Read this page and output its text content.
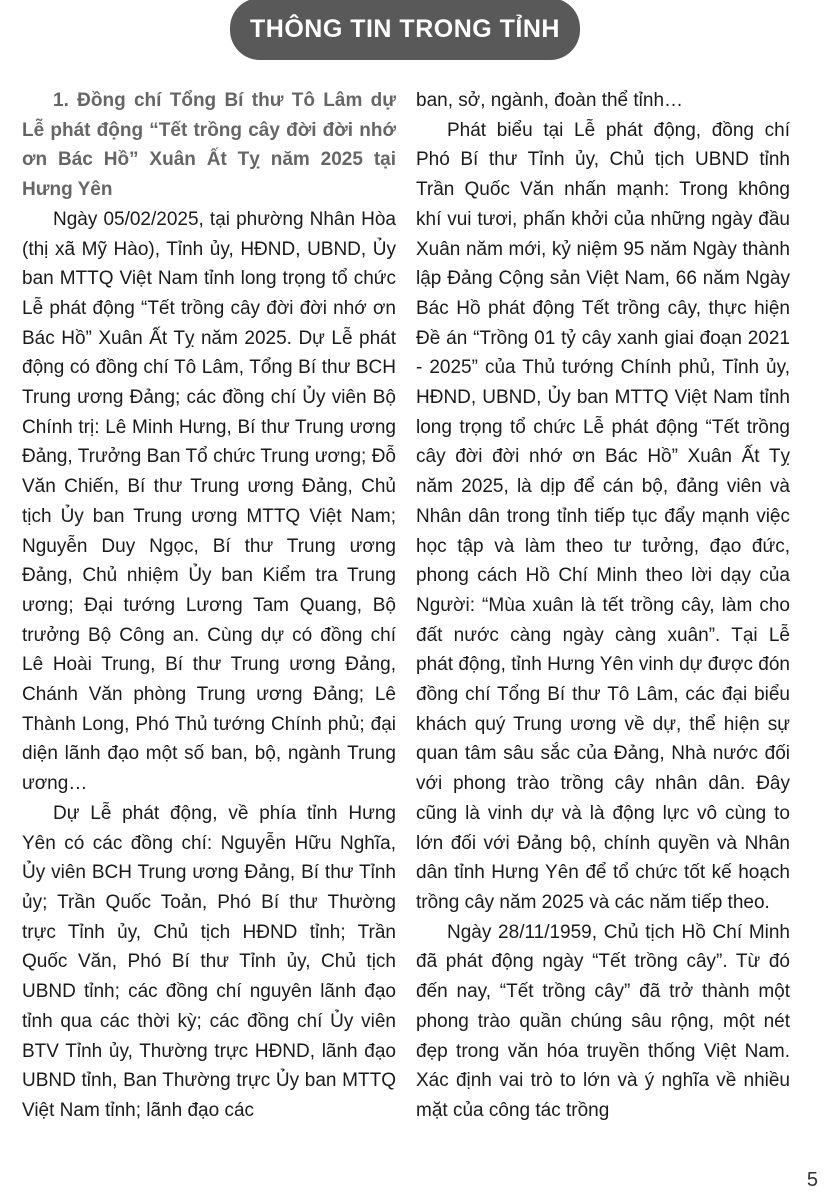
THÔNG TIN TRONG TỈNH

1. Đồng chí Tổng Bí thư Tô Lâm dự Lễ phát động “Tết trồng cây đời đời nhớ ơn Bác Hồ” Xuân Ất Tỵ năm 2025 tại Hưng Yên

Ngày 05/02/2025, tại phường Nhân Hòa (thị xã Mỹ Hào), Tỉnh ủy, HĐND, UBND, Ủy ban MTTQ Việt Nam tỉnh long trọng tổ chức Lễ phát động “Tết trồng cây đời đời nhớ ơn Bác Hồ” Xuân Ất Tỵ năm 2025. Dự Lễ phát động có đồng chí Tô Lâm, Tổng Bí thư BCH Trung ương Đảng; các đồng chí Ủy viên Bộ Chính trị: Lê Minh Hưng, Bí thư Trung ương Đảng, Trưởng Ban Tổ chức Trung ương; Đỗ Văn Chiến, Bí thư Trung ương Đảng, Chủ tịch Ủy ban Trung ương MTTQ Việt Nam; Nguyễn Duy Ngọc, Bí thư Trung ương Đảng, Chủ nhiệm Ủy ban Kiểm tra Trung ương; Đại tướng Lương Tam Quang, Bộ trưởng Bộ Công an. Cùng dự có đồng chí Lê Hoài Trung, Bí thư Trung ương Đảng, Chánh Văn phòng Trung ương Đảng; Lê Thành Long, Phó Thủ tướng Chính phủ; đại diện lãnh đạo một số ban, bộ, ngành Trung ương…

Dự Lễ phát động, về phía tỉnh Hưng Yên có các đồng chí: Nguyễn Hữu Nghĩa, Ủy viên BCH Trung ương Đảng, Bí thư Tỉnh ủy; Trần Quốc Toản, Phó Bí thư Thường trực Tỉnh ủy, Chủ tịch HĐND tỉnh; Trần Quốc Văn, Phó Bí thư Tỉnh ủy, Chủ tịch UBND tỉnh; các đồng chí nguyên lãnh đạo tỉnh qua các thời kỳ; các đồng chí Ủy viên BTV Tỉnh ủy, Thường trực HĐND, lãnh đạo UBND tỉnh, Ban Thường trực Ủy ban MTTQ Việt Nam tỉnh; lãnh đạo các

ban, sở, ngành, đoàn thể tỉnh…

Phát biểu tại Lễ phát động, đồng chí Phó Bí thư Tỉnh ủy, Chủ tịch UBND tỉnh Trần Quốc Văn nhấn mạnh: Trong không khí vui tươi, phấn khởi của những ngày đầu Xuân năm mới, kỷ niệm 95 năm Ngày thành lập Đảng Cộng sản Việt Nam, 66 năm Ngày Bác Hồ phát động Tết trồng cây, thực hiện Đề án “Trồng 01 tỷ cây xanh giai đoạn 2021 - 2025” của Thủ tướng Chính phủ, Tỉnh ủy, HĐND, UBND, Ủy ban MTTQ Việt Nam tỉnh long trọng tổ chức Lễ phát động “Tết trồng cây đời đời nhớ ơn Bác Hồ” Xuân Ất Tỵ năm 2025, là dịp để cán bộ, đảng viên và Nhân dân trong tỉnh tiếp tục đẩy mạnh việc học tập và làm theo tư tưởng, đạo đức, phong cách Hồ Chí Minh theo lời dạy của Người: “Mùa xuân là tết trồng cây, làm cho đất nước càng ngày càng xuân”. Tại Lễ phát động, tỉnh Hưng Yên vinh dự được đón đồng chí Tổng Bí thư Tô Lâm, các đại biểu khách quý Trung ương về dự, thể hiện sự quan tâm sâu sắc của Đảng, Nhà nước đối với phong trào trồng cây nhân dân. Đây cũng là vinh dự và là động lực vô cùng to lớn đối với Đảng bộ, chính quyền và Nhân dân tỉnh Hưng Yên để tổ chức tốt kế hoạch trồng cây năm 2025 và các năm tiếp theo.

Ngày 28/11/1959, Chủ tịch Hồ Chí Minh đã phát động ngày “Tết trồng cây”. Từ đó đến nay, “Tết trồng cây” đã trở thành một phong trào quần chúng sâu rộng, một nét đẹp trong văn hóa truyền thống Việt Nam. Xác định vai trò to lớn và ý nghĩa về nhiều mặt của công tác trồng

5
